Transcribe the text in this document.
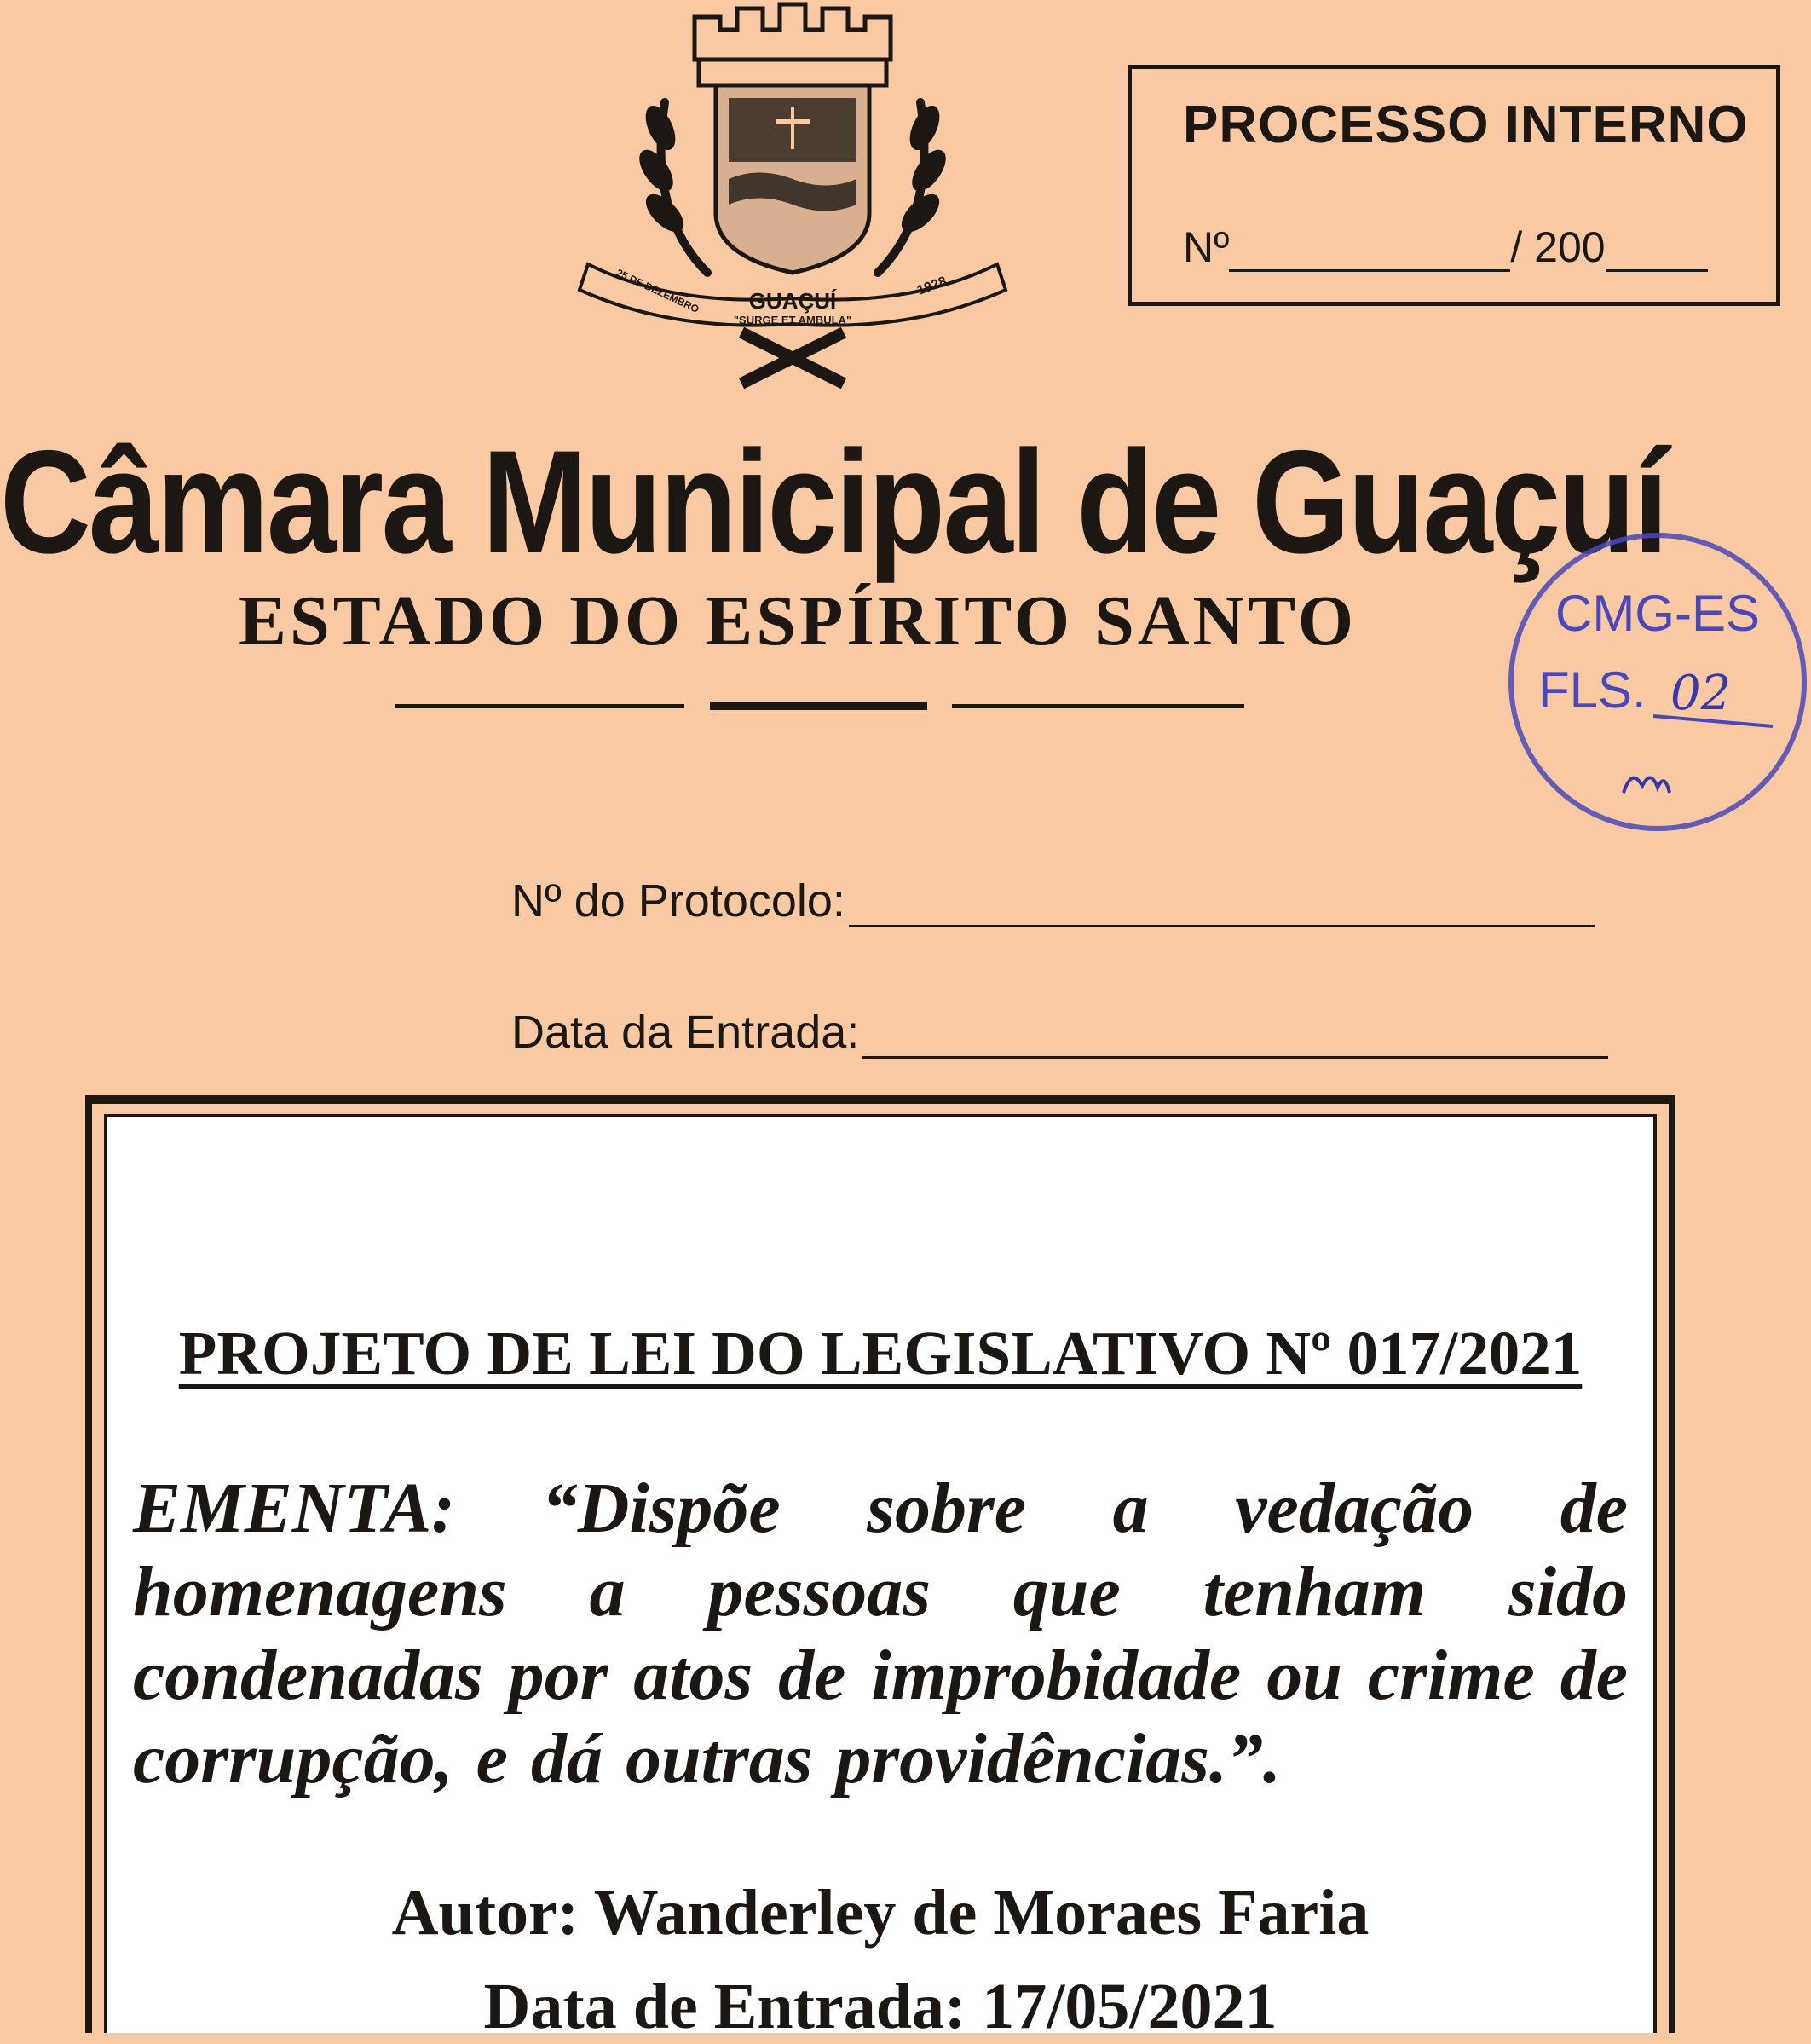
GUAÇUÍ
"SURGE ET AMBULA"
25 DE DEZEMBRO	1928
PROCESSO INTERNO
Nº	/ 200
Câmara Municipal de Guaçuí
ESTADO DO ESPÍRITO SANTO	CMG-ES
FLS. 02
Nº do Protocolo:
Data da Entrada:
PROJETO DE LEI DO LEGISLATIVO Nº 017/2021
EMENTA: “Dispõe sobre a vedação de homenagens a pessoas que tenham sido condenadas por atos de improbidade ou crime de corrupção, e dá outras providências.”.
Autor: Wanderley de Moraes Faria
Data de Entrada: 17/05/2021
